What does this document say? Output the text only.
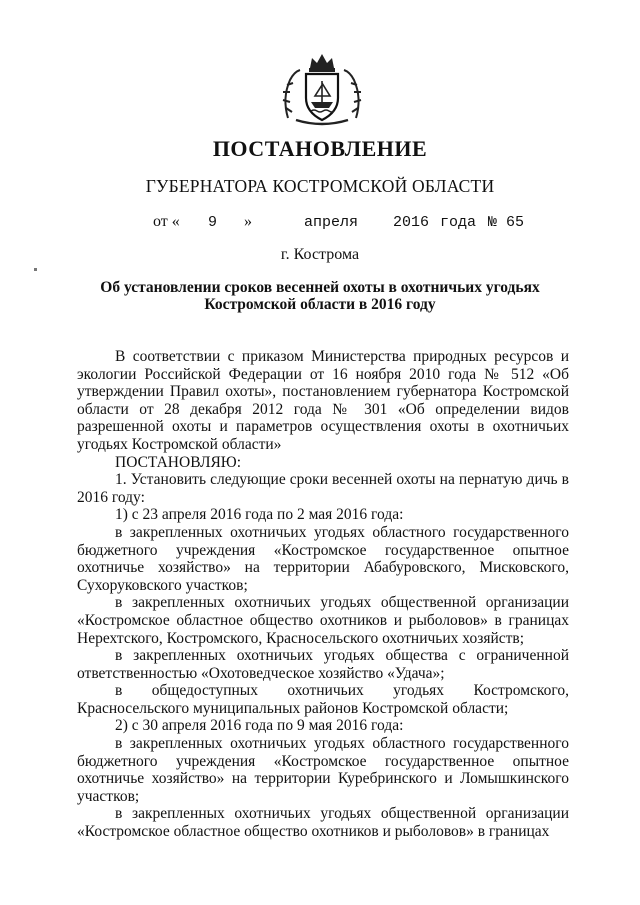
ПОСТАНОВЛЕНИЕ
ГУБЕРНАТОРА КОСТРОМСКОЙ ОБЛАСТИ
от « 9 »	апреля 2016 года № 65
г. Кострома
Об установлении сроков весенней охоты в охотничьих угодьях
Костромской области в 2016 году

В соответствии с приказом Министерства природных ресурсов и экологии Российской Федерации от 16 ноября 2010 года № 512 «Об утверждении Правил охоты», постановлением губернатора Костромской области от 28 декабря 2012 года № 301 «Об определении видов разрешенной охоты и параметров осуществления охоты в охотничьих угодьях Костромской области»

ПОСТАНОВЛЯЮ:

1. Установить следующие сроки весенней охоты на пернатую дичь в 2016 году:

1) с 23 апреля 2016 года по 2 мая 2016 года:

в закрепленных охотничьих угодьях областного государственного бюджетного учреждения «Костромское государственное опытное охотничье хозяйство» на территории Абабуровского, Мисковского, Сухоруковского участков;

в закрепленных охотничьих угодьях общественной организации «Костромское областное общество охотников и рыболовов» в границах Нерехтского, Костромского, Красносельского охотничьих хозяйств;

в закрепленных охотничьих угодьях общества с ограниченной ответственностью «Охотоведческое хозяйство «Удача»;

в общедоступных охотничьих угодьях Костромского, Красносельского муниципальных районов Костромской области;

2) с 30 апреля 2016 года по 9 мая 2016 года:

в закрепленных охотничьих угодьях областного государственного бюджетного учреждения «Костромское государственное опытное охотничье хозяйство» на территории Куребринского и Ломышкинского участков;

в закрепленных охотничьих угодьях общественной организации «Костромское областное общество охотников и рыболовов» в границах
